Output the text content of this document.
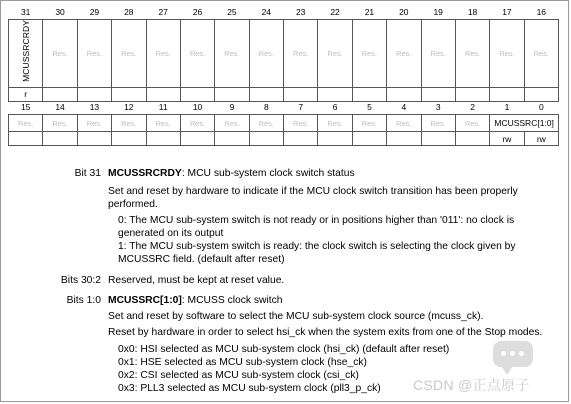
31	30	29	28	27	26	25	24	23	22	21	20	19	18	17	16
MCUSSRCRDY	Res.	Res.	Res.	Res.	Res.	Res.	Res.	Res.	Res.	Res.	Res.	Res.	Res.	Res.	Res.
r															
15	14	13	12	11	10	9	8	7	6	5	4	3	2	1	0
Res.	Res.	Res.	Res.	Res.	Res.	Res.	Res.	Res.	Res.	Res.	Res.	Res.	Res.	MCUSSRC[1:0]	
														rw	rw
Bit 31 MCUSSRCRDY: MCU sub-system clock switch status
Set and reset by hardware to indicate if the MCU clock switch transition has been properly
performed.
0: The MCU sub-system switch is not ready or in positions higher than '011': no clock is
generated on its output
1: The MCU sub-system switch is ready: the clock switch is selecting the clock given by
MCUSSRC field. (default after reset)
Bits 30:2 Reserved, must be kept at reset value.
Bits 1:0 MCUSSRC[1:0]: MCUSS clock switch
Set and reset by software to select the MCU sub-system clock source (mcuss_ck).
Reset by hardware in order to select hsi_ck when the system exits from one of the Stop modes.
0x0: HSI selected as MCU sub-system clock (hsi_ck) (default after reset)
0x1: HSE selected as MCU sub-system clock (hse_ck)
0x2: CSI selected as MCU sub-system clock (csi_ck)
0x3: PLL3 selected as MCU sub-system clock (pll3_p_ck) CSDN @正点原子
